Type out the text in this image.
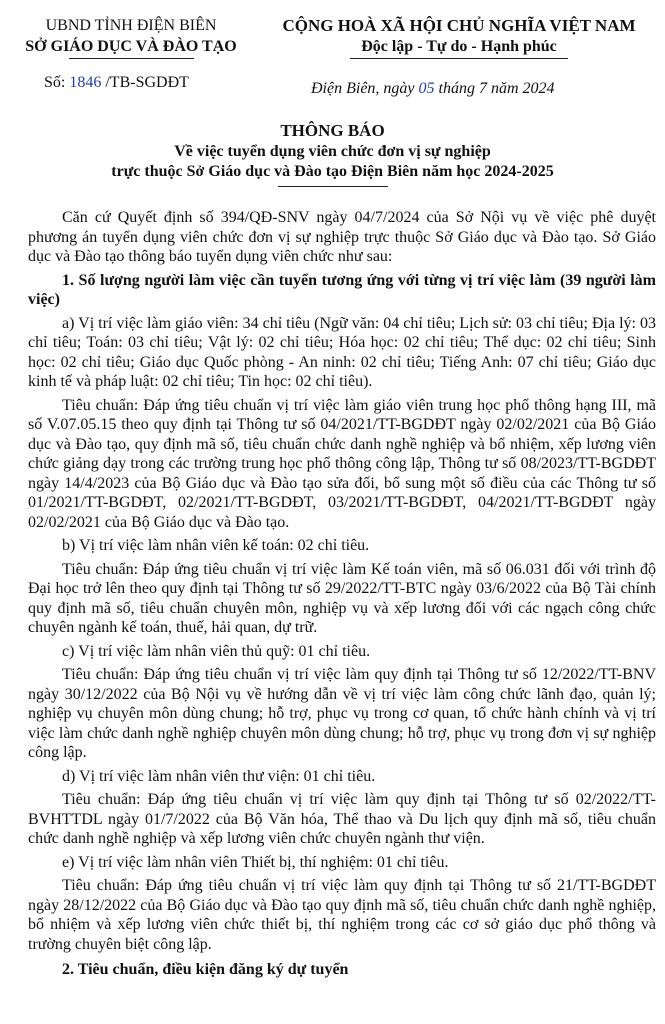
UBND TỈNH ĐIỆN BIÊN
SỞ GIÁO DỤC VÀ ĐÀO TẠO
CỘNG HOÀ XÃ HỘI CHỦ NGHĨA VIỆT NAM
Độc lập - Tự do - Hạnh phúc
Số: 1846 /TB-SGDĐT	Điện Biên, ngày 05 tháng 7 năm 2024
THÔNG BÁO
Về việc tuyển dụng viên chức đơn vị sự nghiệp
trực thuộc Sở Giáo dục và Đào tạo Điện Biên năm học 2024-2025

Căn cứ Quyết định số 394/QĐ-SNV ngày 04/7/2024 của Sở Nội vụ về việc phê duyệt phương án tuyển dụng viên chức đơn vị sự nghiệp trực thuộc Sở Giáo dục và Đào tạo. Sở Giáo dục và Đào tạo thông báo tuyển dụng viên chức như sau:

1. Số lượng người làm việc cần tuyển tương ứng với từng vị trí việc làm (39 người làm việc)

a) Vị trí việc làm giáo viên: 34 chỉ tiêu (Ngữ văn: 04 chỉ tiêu; Lịch sử: 03 chỉ tiêu; Địa lý: 03 chỉ tiêu; Toán: 03 chỉ tiêu; Vật lý: 02 chỉ tiêu; Hóa học: 02 chỉ tiêu; Thể dục: 02 chỉ tiêu; Sinh học: 02 chỉ tiêu; Giáo dục Quốc phòng - An ninh: 02 chỉ tiêu; Tiếng Anh: 07 chỉ tiêu; Giáo dục kinh tế và pháp luật: 02 chỉ tiêu; Tin học: 02 chỉ tiêu).

Tiêu chuẩn: Đáp ứng tiêu chuẩn vị trí việc làm giáo viên trung học phổ thông hạng III, mã số V.07.05.15 theo quy định tại Thông tư số 04/2021/TT-BGDĐT ngày 02/02/2021 của Bộ Giáo dục và Đào tạo, quy định mã số, tiêu chuẩn chức danh nghề nghiệp và bổ nhiệm, xếp lương viên chức giảng dạy trong các trường trung học phổ thông công lập, Thông tư số 08/2023/TT-BGDĐT ngày 14/4/2023 của Bộ Giáo dục và Đào tạo sửa đổi, bổ sung một số điều của các Thông tư số 01/2021/TT-BGDĐT, 02/2021/TT-BGDĐT, 03/2021/TT-BGDĐT, 04/2021/TT-BGDĐT ngày 02/02/2021 của Bộ Giáo dục và Đào tạo.

b) Vị trí việc làm nhân viên kế toán: 02 chỉ tiêu.

Tiêu chuẩn: Đáp ứng tiêu chuẩn vị trí việc làm Kế toán viên, mã số 06.031 đối với trình độ Đại học trở lên theo quy định tại Thông tư số 29/2022/TT-BTC ngày 03/6/2022 của Bộ Tài chính quy định mã số, tiêu chuẩn chuyên môn, nghiệp vụ và xếp lương đối với các ngạch công chức chuyên ngành kế toán, thuế, hải quan, dự trữ.

c) Vị trí việc làm nhân viên thủ quỹ: 01 chỉ tiêu.

Tiêu chuẩn: Đáp ứng tiêu chuẩn vị trí việc làm quy định tại Thông tư số 12/2022/TT-BNV ngày 30/12/2022 của Bộ Nội vụ về hướng dẫn về vị trí việc làm công chức lãnh đạo, quản lý; nghiệp vụ chuyên môn dùng chung; hỗ trợ, phục vụ trong cơ quan, tổ chức hành chính và vị trí việc làm chức danh nghề nghiệp chuyên môn dùng chung; hỗ trợ, phục vụ trong đơn vị sự nghiệp công lập.

d) Vị trí việc làm nhân viên thư viện: 01 chỉ tiêu.

Tiêu chuẩn: Đáp ứng tiêu chuẩn vị trí việc làm quy định tại Thông tư số 02/2022/TT-BVHTTDL ngày 01/7/2022 của Bộ Văn hóa, Thể thao và Du lịch quy định mã số, tiêu chuẩn chức danh nghề nghiệp và xếp lương viên chức chuyên ngành thư viện.

e) Vị trí việc làm nhân viên Thiết bị, thí nghiệm: 01 chỉ tiêu.

Tiêu chuẩn: Đáp ứng tiêu chuẩn vị trí việc làm quy định tại Thông tư số 21/TT-BGDĐT ngày 28/12/2022 của Bộ Giáo dục và Đào tạo quy định mã số, tiêu chuẩn chức danh nghề nghiệp, bổ nhiệm và xếp lương viên chức thiết bị, thí nghiệm trong các cơ sở giáo dục phổ thông và trường chuyên biệt công lập.

2. Tiêu chuẩn, điều kiện đăng ký dự tuyển
